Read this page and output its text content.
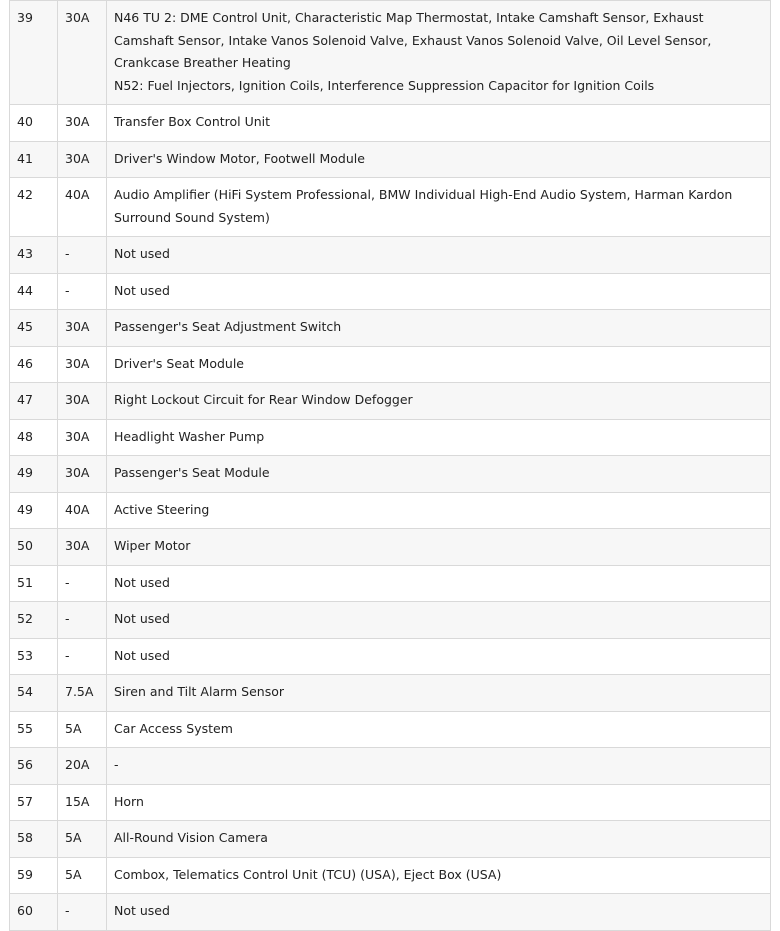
39	30A	N46 TU 2: DME Control Unit, Characteristic Map Thermostat, Intake Camshaft Sensor, Exhaust Camshaft Sensor, Intake Vanos Solenoid Valve, Exhaust Vanos Solenoid Valve, Oil Level Sensor, Crankcase Breather Heating
N52: Fuel Injectors, Ignition Coils, Interference Suppression Capacitor for Ignition Coils

40	30A	Transfer Box Control Unit

41	30A	Driver's Window Motor, Footwell Module

42	40A	Audio Amplifier (HiFi System Professional, BMW Individual High-End Audio System, Harman Kardon Surround Sound System)

43	-	Not used

44	-	Not used

45	30A	Passenger's Seat Adjustment Switch

46	30A	Driver's Seat Module

47	30A	Right Lockout Circuit for Rear Window Defogger

48	30A	Headlight Washer Pump

49	30A	Passenger's Seat Module

49	40A	Active Steering

50	30A	Wiper Motor

51	-	Not used

52	-	Not used

53	-	Not used

54	7.5A	Siren and Tilt Alarm Sensor

55	5A	Car Access System

56	20A	-

57	15A	Horn

58	5A	All-Round Vision Camera

59	5A	Combox, Telematics Control Unit (TCU) (USA), Eject Box (USA)

60	-	Not used
